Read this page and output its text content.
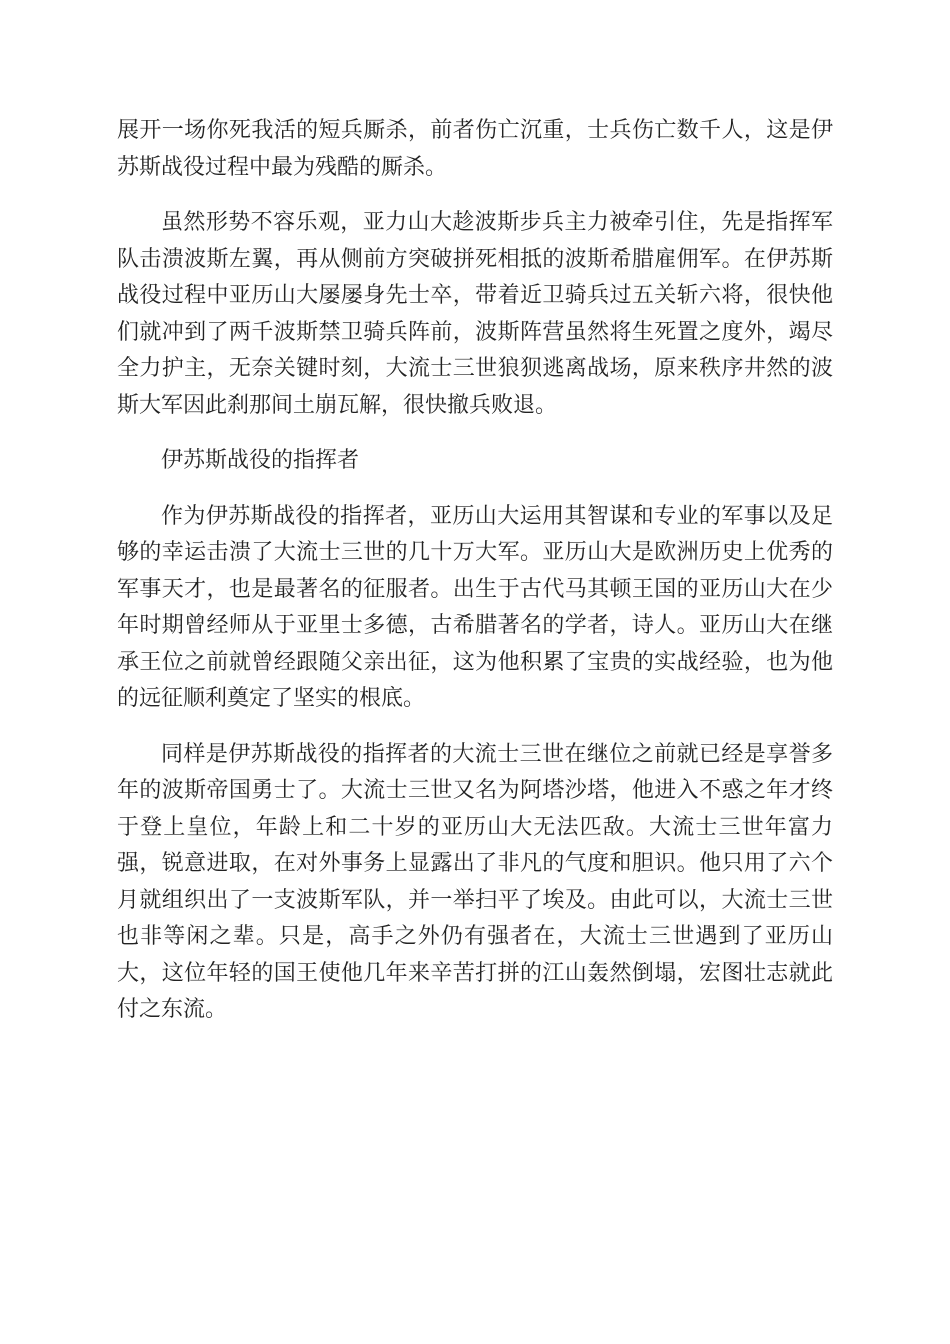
展开一场你死我活的短兵厮杀，前者伤亡沉重，士兵伤亡数千人，这是伊苏斯战役过程中最为残酷的厮杀。

虽然形势不容乐观，亚力山大趁波斯步兵主力被牵引住，先是指挥军队击溃波斯左翼，再从侧前方突破拼死相抵的波斯希腊雇佣军。在伊苏斯战役过程中亚历山大屡屡身先士卒，带着近卫骑兵过五关斩六将，很快他们就冲到了两千波斯禁卫骑兵阵前，波斯阵营虽然将生死置之度外，竭尽全力护主，无奈关键时刻，大流士三世狼狈逃离战场，原来秩序井然的波斯大军因此刹那间土崩瓦解，很快撤兵败退。

伊苏斯战役的指挥者

作为伊苏斯战役的指挥者，亚历山大运用其智谋和专业的军事以及足够的幸运击溃了大流士三世的几十万大军。亚历山大是欧洲历史上优秀的军事天才，也是最著名的征服者。出生于古代马其顿王国的亚历山大在少年时期曾经师从于亚里士多德，古希腊著名的学者，诗人。亚历山大在继承王位之前就曾经跟随父亲出征，这为他积累了宝贵的实战经验，也为他的远征顺利奠定了坚实的根底。

同样是伊苏斯战役的指挥者的大流士三世在继位之前就已经是享誉多年的波斯帝国勇士了。大流士三世又名为阿塔沙塔，他进入不惑之年才终于登上皇位，年龄上和二十岁的亚历山大无法匹敌。大流士三世年富力强，锐意进取，在对外事务上显露出了非凡的气度和胆识。他只用了六个月就组织出了一支波斯军队，并一举扫平了埃及。由此可以，大流士三世也非等闲之辈。只是，高手之外仍有强者在，大流士三世遇到了亚历山大，这位年轻的国王使他几年来辛苦打拼的江山轰然倒塌，宏图壮志就此付之东流。
